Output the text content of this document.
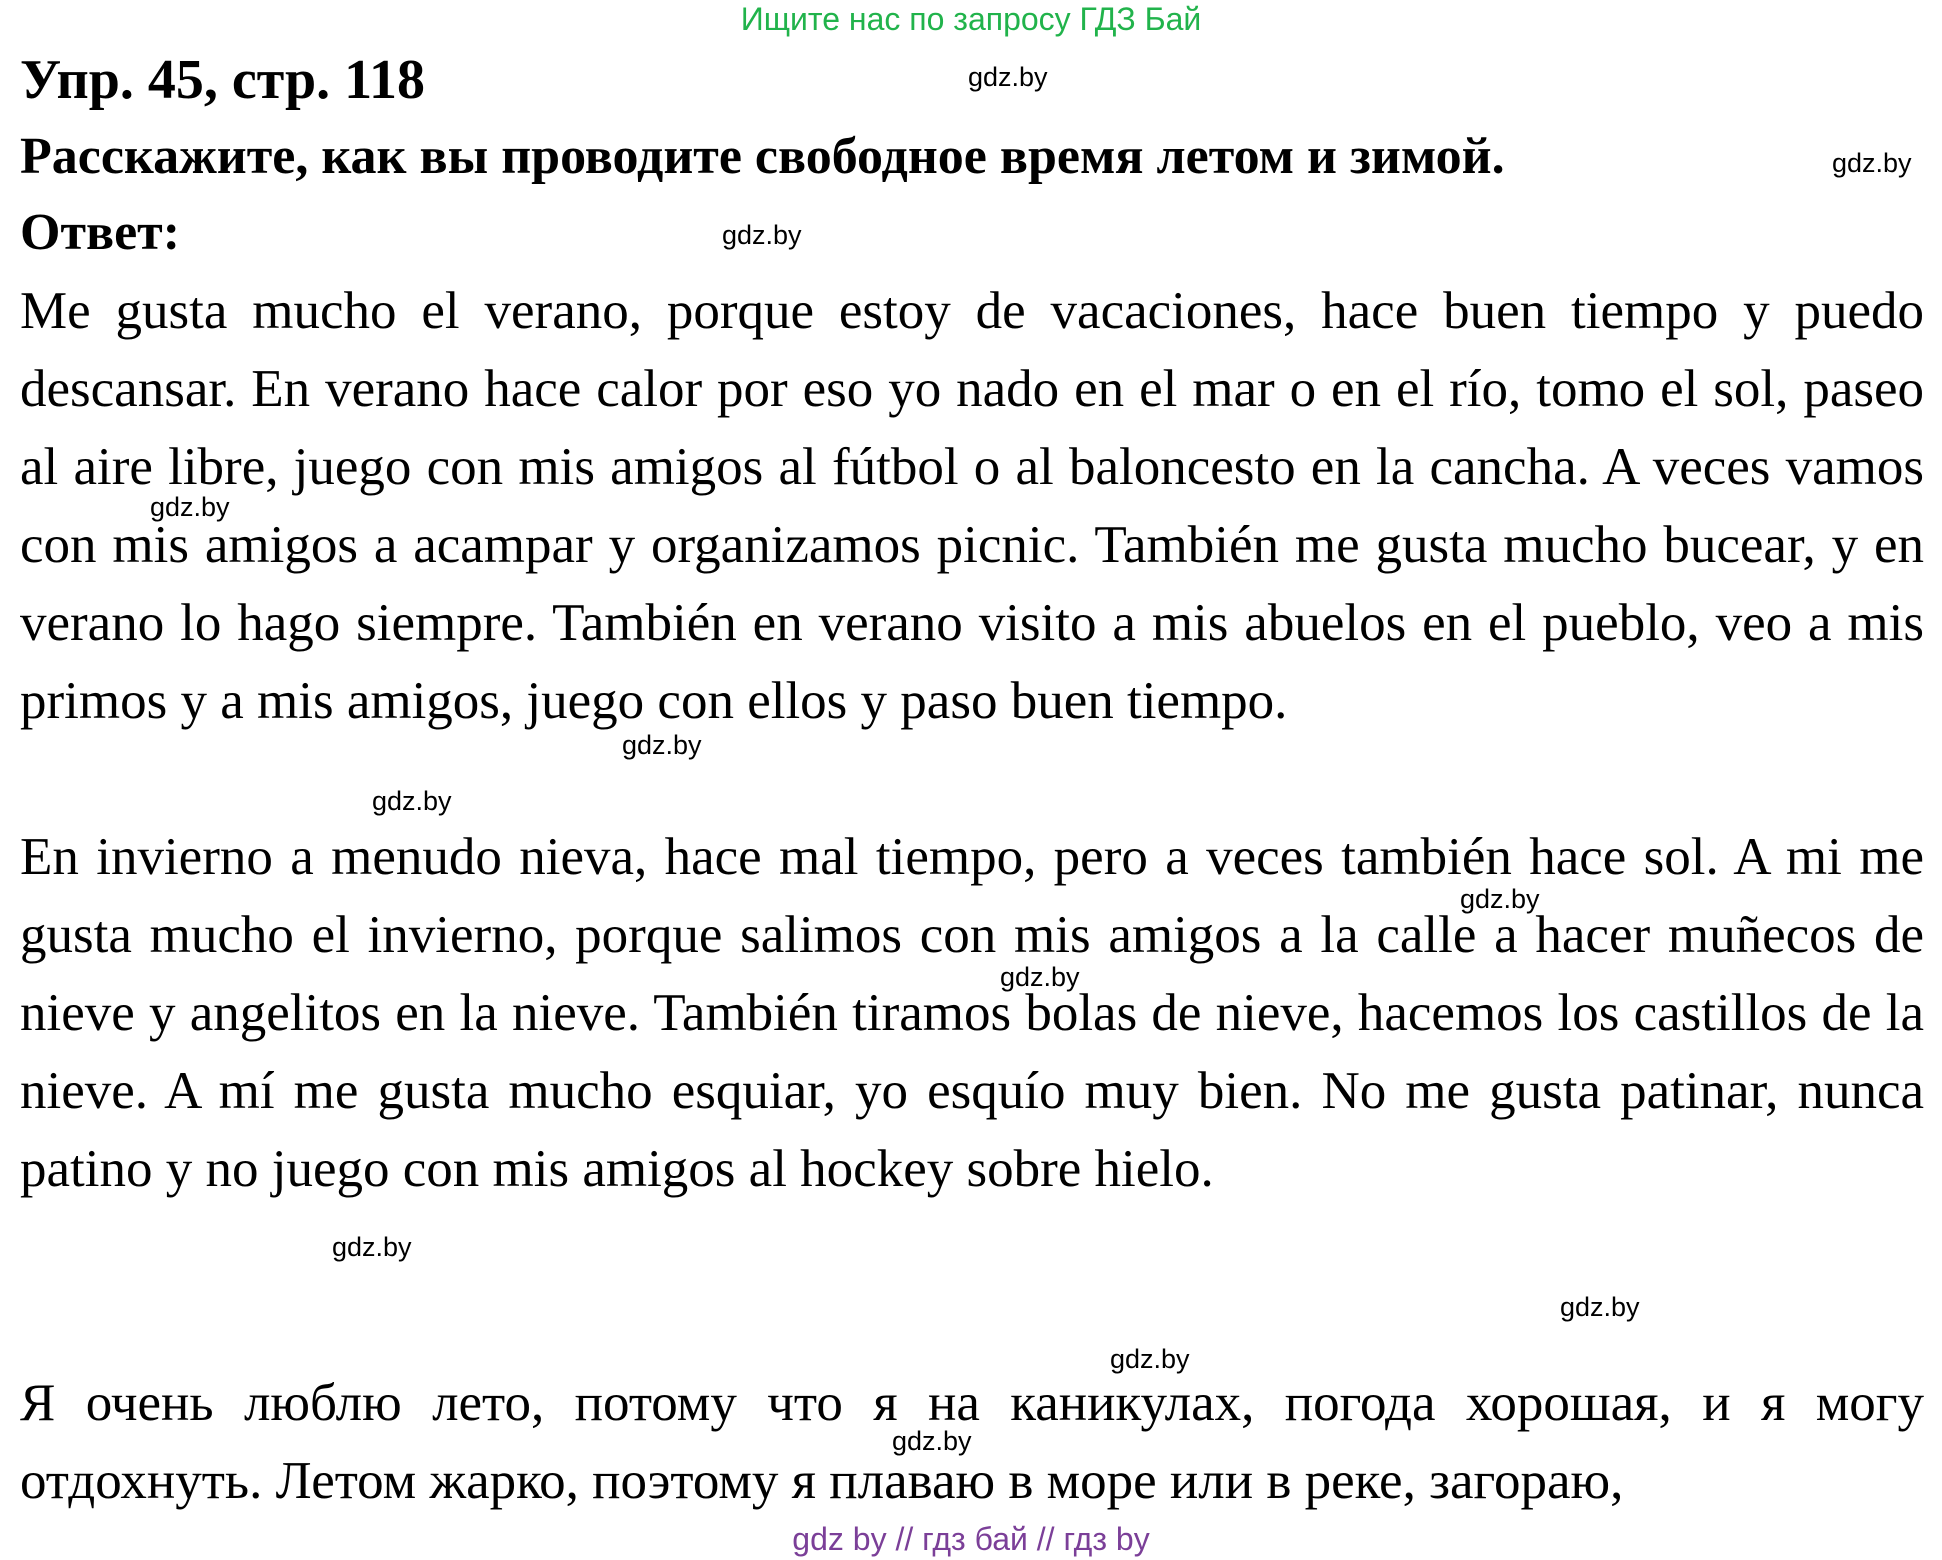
Ищите нас по запросу ГДЗ Бай
Упр. 45, стр. 118
Расскажите, как вы проводите свободное время летом и зимой.
Ответ:

Me gusta mucho el verano, porque estoy de vacaciones, hace buen tiempo y puedo descansar. En verano hace calor por eso yo nado en el mar o en el río, tomo el sol, paseo al aire libre, juego con mis amigos al fútbol o al baloncesto en la cancha. A veces vamos con mis amigos a acampar y organizamos picnic. También me gusta mucho bucear, y en verano lo hago siempre. También en verano visito a mis abuelos en el pueblo, veo a mis primos y a mis amigos, juego con ellos y paso buen tiempo.

En invierno a menudo nieva, hace mal tiempo, pero a veces también hace sol. A mi me gusta mucho el invierno, porque salimos con mis amigos a la calle a hacer muñecos de nieve y angelitos en la nieve. También tiramos bolas de nieve, hacemos los castillos de la nieve. A mí me gusta mucho esquiar, yo esquío muy bien. No me gusta patinar, nunca patino y no juego con mis amigos al hockey sobre hielo.

Я очень люблю лето, потому что я на каникулах, погода хорошая, и я могу отдохнуть. Летом жарко, поэтому я плаваю в море или в реке, загораю,

gdz.by
gdz.by
gdz.by
gdz.by
gdz.by
gdz.by
gdz.by
gdz.by
gdz.by
gdz.by
gdz.by
gdz.by
gdz by // гдз бай // гдз by
